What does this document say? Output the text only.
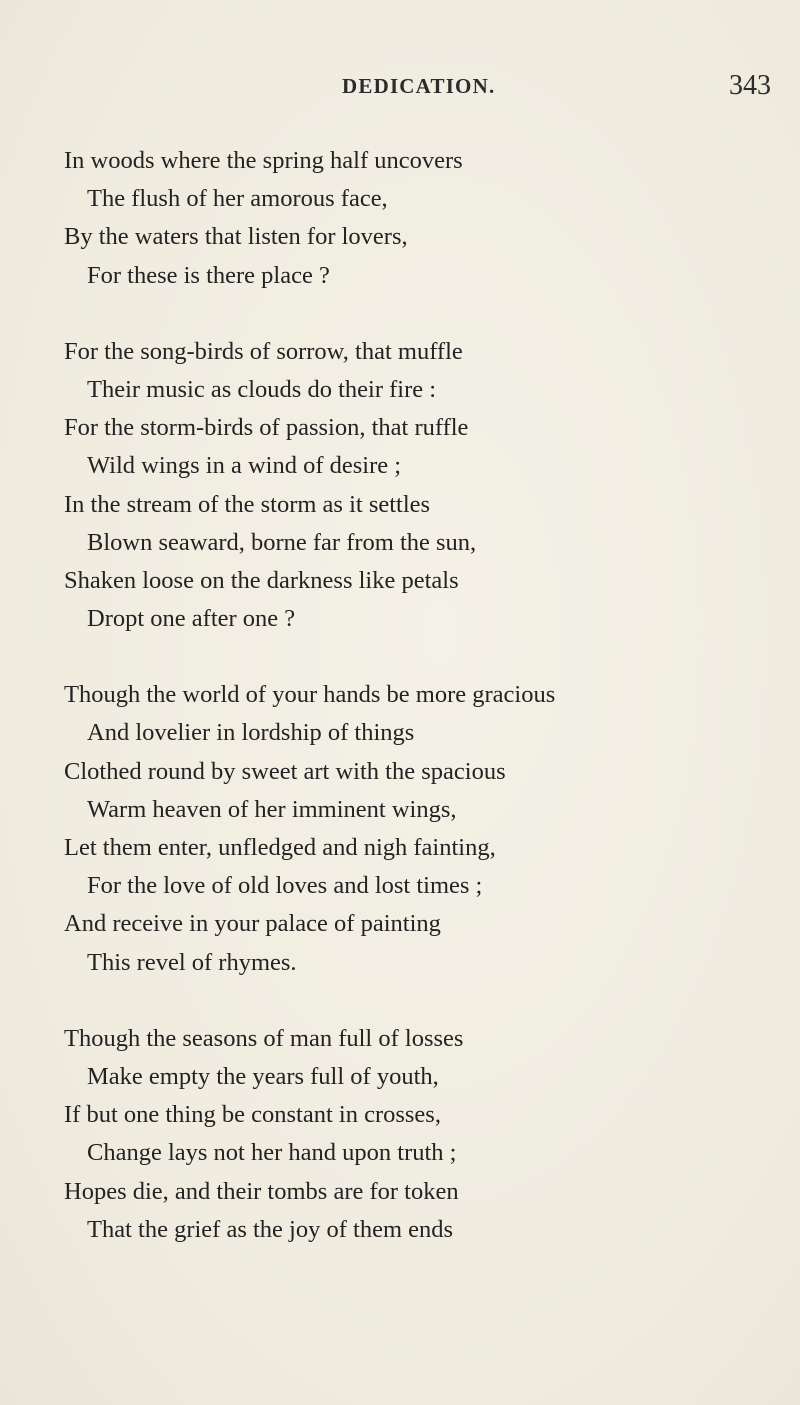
DEDICATION.	343
In woods where the spring half uncovers
The flush of her amorous face,
By the waters that listen for lovers,
For these is there place ?
For the song-birds of sorrow, that muffle
Their music as clouds do their fire :
For the storm-birds of passion, that ruffle
Wild wings in a wind of desire ;
In the stream of the storm as it settles
Blown seaward, borne far from the sun,
Shaken loose on the darkness like petals
Dropt one after one ?
Though the world of your hands be more gracious
And lovelier in lordship of things
Clothed round by sweet art with the spacious
Warm heaven of her imminent wings,
Let them enter, unfledged and nigh fainting,
For the love of old loves and lost times ;
And receive in your palace of painting
This revel of rhymes.
Though the seasons of man full of losses
Make empty the years full of youth,
If but one thing be constant in crosses,
Change lays not her hand upon truth ;
Hopes die, and their tombs are for token
That the grief as the joy of them ends
